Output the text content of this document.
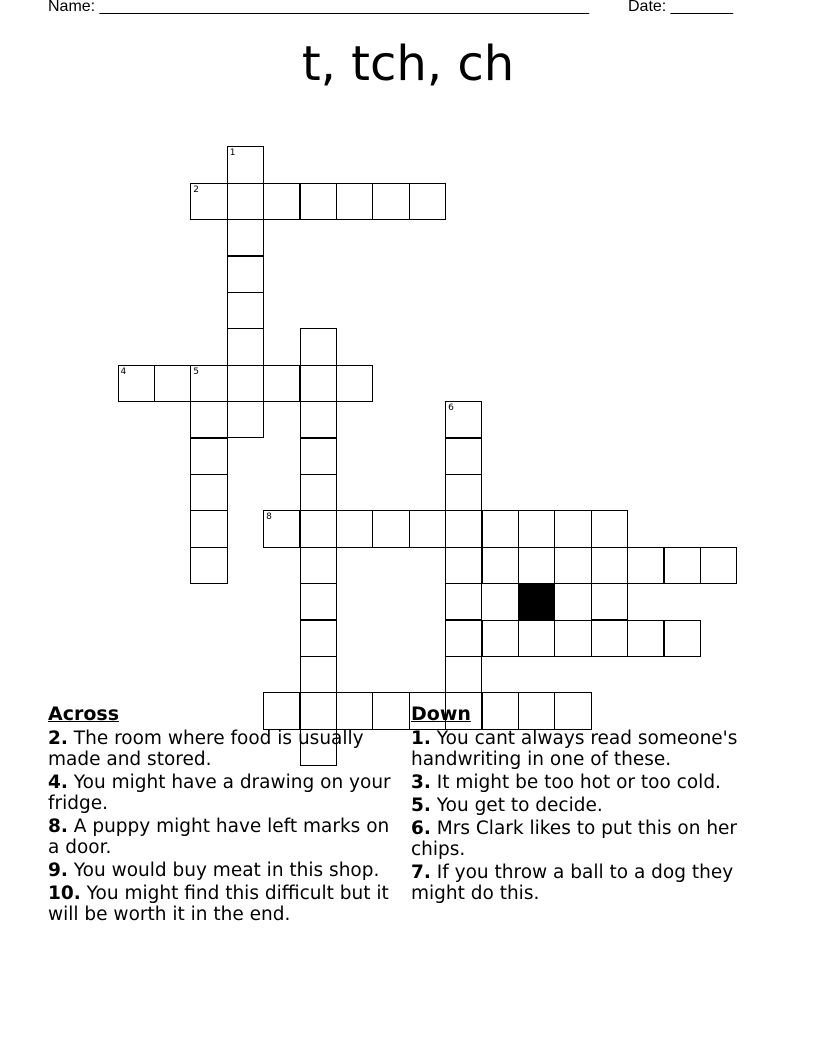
Name: _______________________________________________________ Date: _______
t, tch, ch
1
2
4	5
6
8
Across
2. The room where food is usually made and stored.
4. You might have a drawing on your fridge.
8. A puppy might have left marks on a door.
9. You would buy meat in this shop.
10. You might find this difficult but it will be worth it in the end.
Down
1. You cant always read someone's handwriting in one of these.
3. It might be too hot or too cold.
5. You get to decide.
6. Mrs Clark likes to put this on her chips.
7. If you throw a ball to a dog they might do this.
